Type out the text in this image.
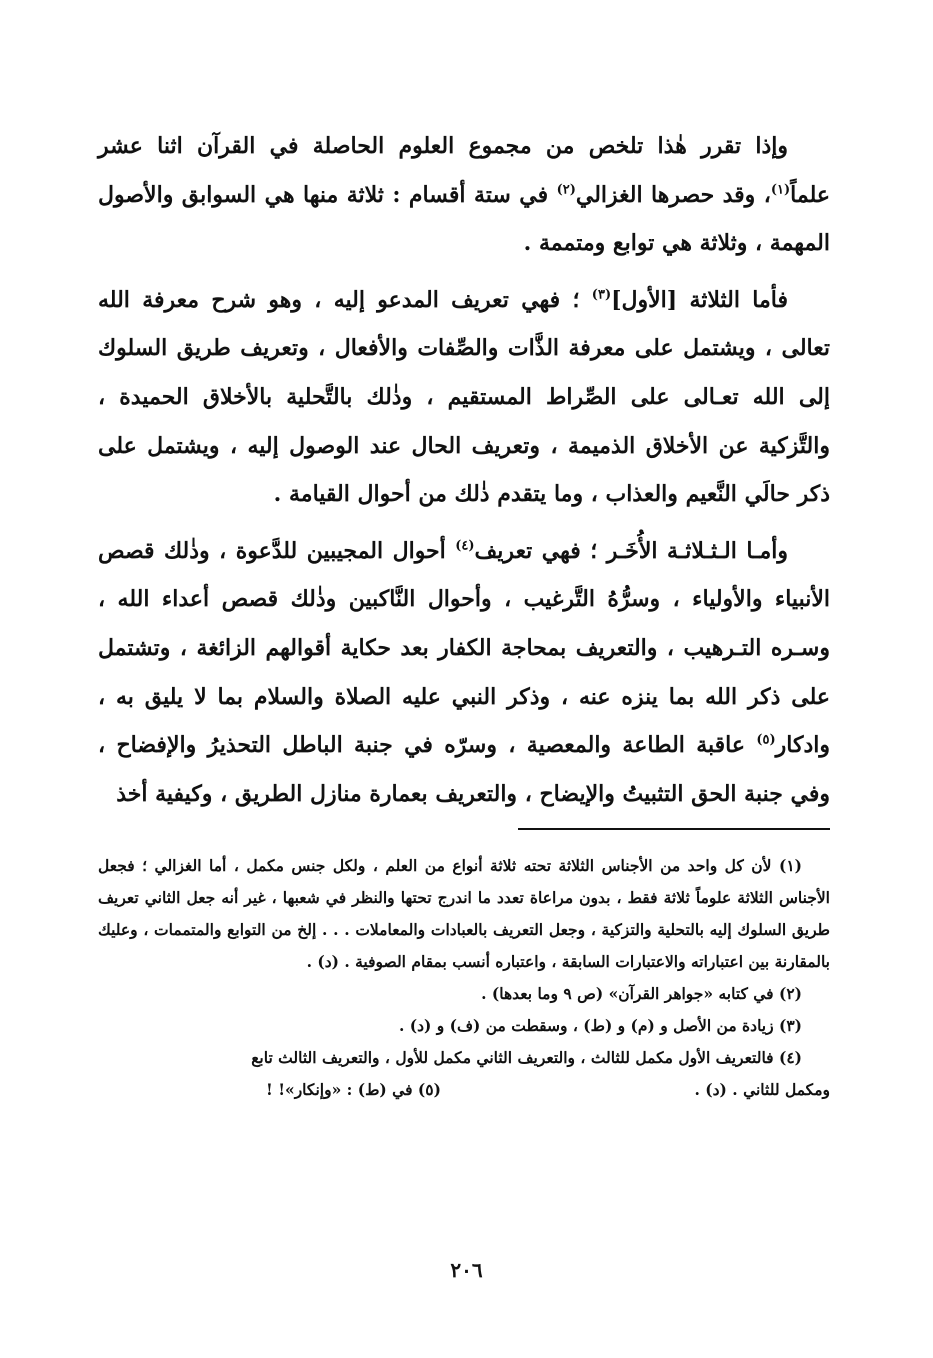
وإذا تقرر هٰذا تلخص من مجموع العلوم الحاصلة في القرآن اثنا عشر علماً$^{(١)}$، وقد حصرها الغزالي$^{(٢)}$ في ستة أقسام : ثلاثة منها هي السوابق والأصول المهمة ، وثلاثة هي توابع ومتممة .

فأما الثلاثة [الأول]$^{(٣)}$ ؛ فهي تعريف المدعو إليه ، وهو شرح معرفة الله تعالى ، ويشتمل على معرفة الذَّات والصِّفات والأفعال ، وتعريف طريق السلوك إلى الله تعـالى على الصِّراط المستقيم ، وذٰلك بالتَّحلية بالأخلاق الحميدة ، والتَّزكية عن الأخلاق الذميمة ، وتعريف الحال عند الوصول إليه ، ويشتمل على ذكر حالَي النَّعيم والعذاب ، وما يتقدم ذٰلك من أحوال القيامة .

وأمـا الـثـلاثـة الأُخَـر ؛ فهي تعريف$^{(٤)}$ أحوال المجيبين للدَّعوة ، وذٰلك قصص الأنبياء والأولياء ، وسرُّهُ التَّرغيب ، وأحوال النَّاكبين وذٰلك قصص أعداء الله ، وسـره التـرهيب ، والتعريف بمحاجة الكفار بعد حكاية أقوالهم الزائغة ، وتشتمل على ذكر الله بما ينزه عنه ، وذكر النبي عليه الصلاة والسلام بما لا يليق به ، وادكار$^{(٥)}$ عاقبة الطاعة والمعصية ، وسرّه في جنبة الباطل التحذيرُ والإفضاح ، وفي جنبة الحق التثبيتُ والإيضاح ، والتعريف بعمارة منازل الطريق ، وكيفية أخذ

(١) لأن كل واحد من الأجناس الثلاثة تحته ثلاثة أنواع من العلم ، ولكل جنس مكمل ، أما الغزالي ؛ فجعل الأجناس الثلاثة علوماً ثلاثة فقط ، بدون مراعاة تعدد ما اندرج تحتها والنظر في شعبها ، غير أنه جعل الثاني تعريف طريق السلوك إليه بالتحلية والتزكية ، وجعل التعريف بالعبادات والمعاملات . . . إلخ من التوابع والمتممات ، وعليك بالمقارنة بين اعتباراته والاعتبارات السابقة ، واعتباره أنسب بمقام الصوفية . (د) .

(٢) في كتابه «جواهر القرآن» (ص ٩ وما بعدها) .

(٣) زيادة من الأصل و (م) و (ط) ، وسقطت من (ف) و (د) .

(٤) فالتعريف الأول مكمل للثالث ، والتعريف الثاني مكمل للأول ، والتعريف الثالث تابع

ومكمل للثاني . (د) .
(٥) في (ط) : «وإنكار»! !
٢٠٦
